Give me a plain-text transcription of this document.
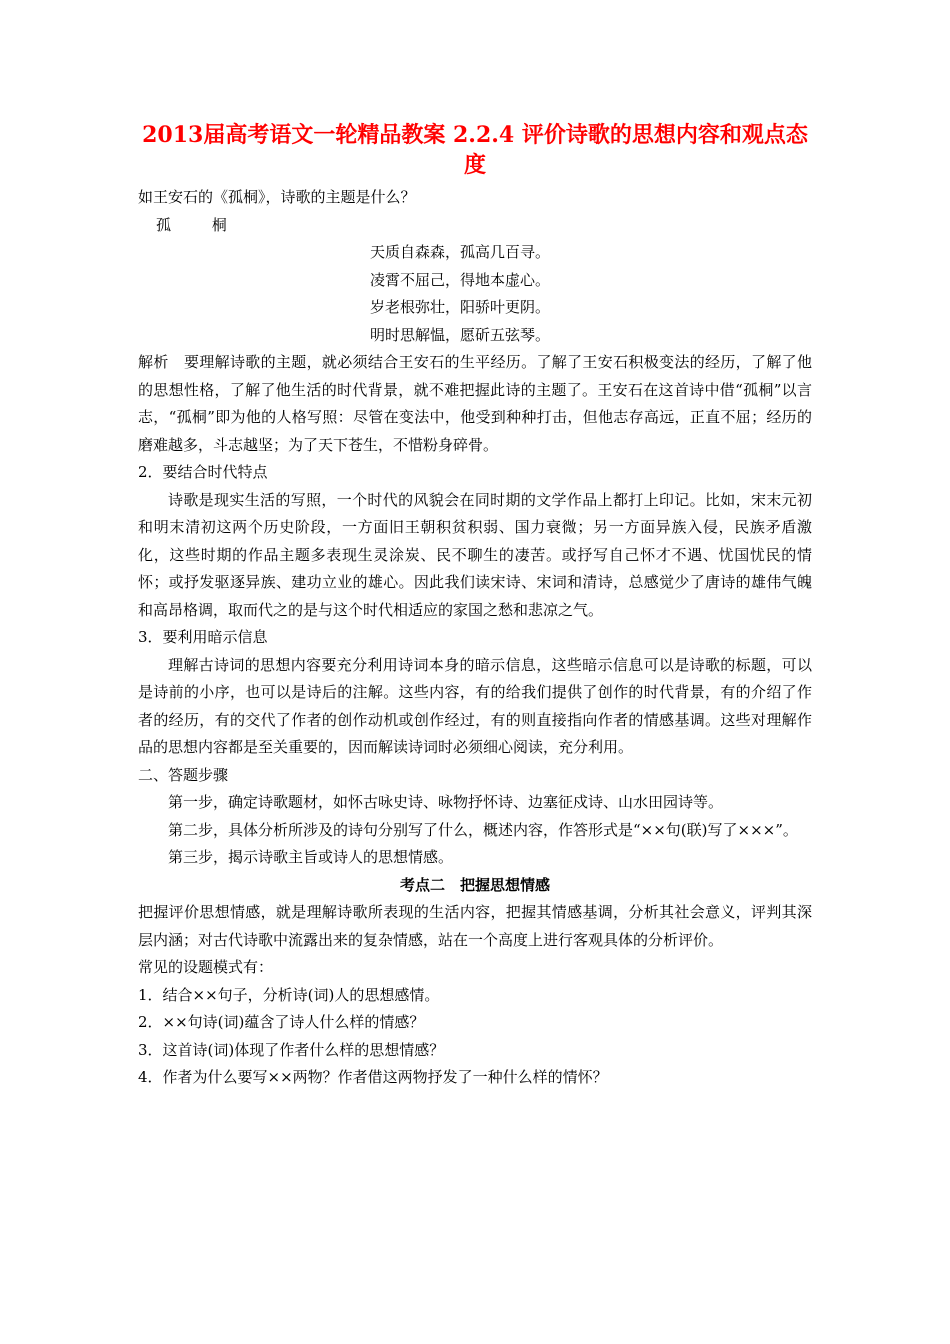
2013届高考语文一轮精品教案 2.2.4 评价诗歌的思想内容和观点态度

如王安石的《孤桐》，诗歌的主题是什么？

孤 桐

天质自森森，孤高几百寻。

凌霄不屈己，得地本虚心。

岁老根弥壮，阳骄叶更阴。

明时思解愠，愿斫五弦琴。

解析　要理解诗歌的主题，就必须结合王安石的生平经历。了解了王安石积极变法的经历，了解了他的思想性格，了解了他生活的时代背景，就不难把握此诗的主题了。王安石在这首诗中借“孤桐”以言志，“孤桐”即为他的人格写照：尽管在变法中，他受到种种打击，但他志存高远，正直不屈；经历的磨难越多，斗志越坚；为了天下苍生，不惜粉身碎骨。

2．要结合时代特点

诗歌是现实生活的写照，一个时代的风貌会在同时期的文学作品上都打上印记。比如，宋末元初和明末清初这两个历史阶段，一方面旧王朝积贫积弱、国力衰微；另一方面异族入侵，民族矛盾激化，这些时期的作品主题多表现生灵涂炭、民不聊生的凄苦。或抒写自己怀才不遇、忧国忧民的情怀；或抒发驱逐异族、建功立业的雄心。因此我们读宋诗、宋词和清诗，总感觉少了唐诗的雄伟气魄和高昂格调，取而代之的是与这个时代相适应的家国之愁和悲凉之气。

3．要利用暗示信息

理解古诗词的思想内容要充分利用诗词本身的暗示信息，这些暗示信息可以是诗歌的标题，可以是诗前的小序，也可以是诗后的注解。这些内容，有的给我们提供了创作的时代背景，有的介绍了作者的经历，有的交代了作者的创作动机或创作经过，有的则直接指向作者的情感基调。这些对理解作品的思想内容都是至关重要的，因而解读诗词时必须细心阅读，充分利用。

二、答题步骤

第一步，确定诗歌题材，如怀古咏史诗、咏物抒怀诗、边塞征戍诗、山水田园诗等。

第二步，具体分析所涉及的诗句分别写了什么，概述内容，作答形式是“××句(联)写了×××”。

第三步，揭示诗歌主旨或诗人的思想情感。

考点二　把握思想情感

把握评价思想情感，就是理解诗歌所表现的生活内容，把握其情感基调，分析其社会意义，评判其深层内涵；对古代诗歌中流露出来的复杂情感，站在一个高度上进行客观具体的分析评价。

常见的设题模式有：

1．结合××句子，分析诗(词)人的思想感情。

2．××句诗(词)蕴含了诗人什么样的情感？

3．这首诗(词)体现了作者什么样的思想情感？

4．作者为什么要写××两物？作者借这两物抒发了一种什么样的情怀？
